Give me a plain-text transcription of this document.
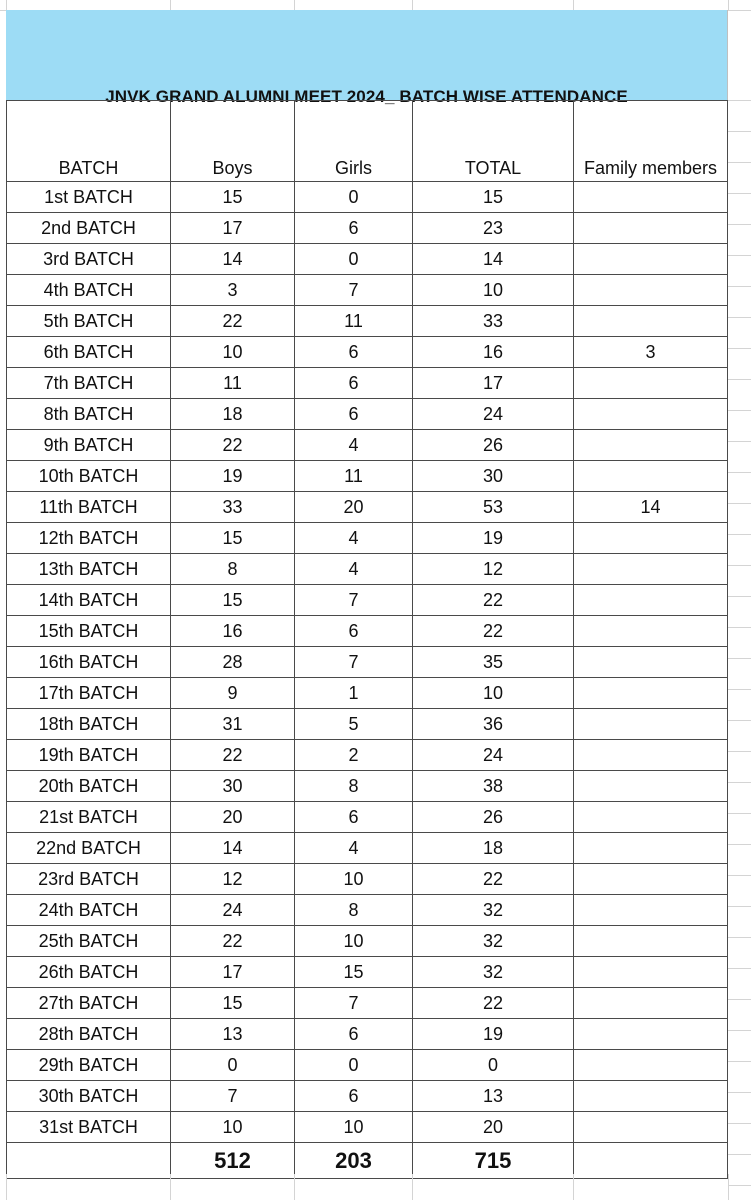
JNVK GRAND ALUMNI MEET 2024_ BATCH WISE ATTENDANCE
BATCH	Boys	Girls	TOTAL	Family members
1st BATCH	15	0	15	
2nd BATCH	17	6	23	
3rd BATCH	14	0	14	
4th BATCH	3	7	10	
5th BATCH	22	11	33	
6th BATCH	10	6	16	3
7th BATCH	11	6	17	
8th BATCH	18	6	24	
9th BATCH	22	4	26	
10th BATCH	19	11	30	
11th BATCH	33	20	53	14
12th BATCH	15	4	19	
13th BATCH	8	4	12	
14th BATCH	15	7	22	
15th BATCH	16	6	22	
16th BATCH	28	7	35	
17th BATCH	9	1	10	
18th BATCH	31	5	36	
19th BATCH	22	2	24	
20th BATCH	30	8	38	
21st BATCH	20	6	26	
22nd BATCH	14	4	18	
23rd BATCH	12	10	22	
24th BATCH	24	8	32	
25th BATCH	22	10	32	
26th BATCH	17	15	32	
27th BATCH	15	7	22	
28th BATCH	13	6	19	
29th BATCH	0	0	0	
30th BATCH	7	6	13	
31st BATCH	10	10	20	
	512	203	715	
